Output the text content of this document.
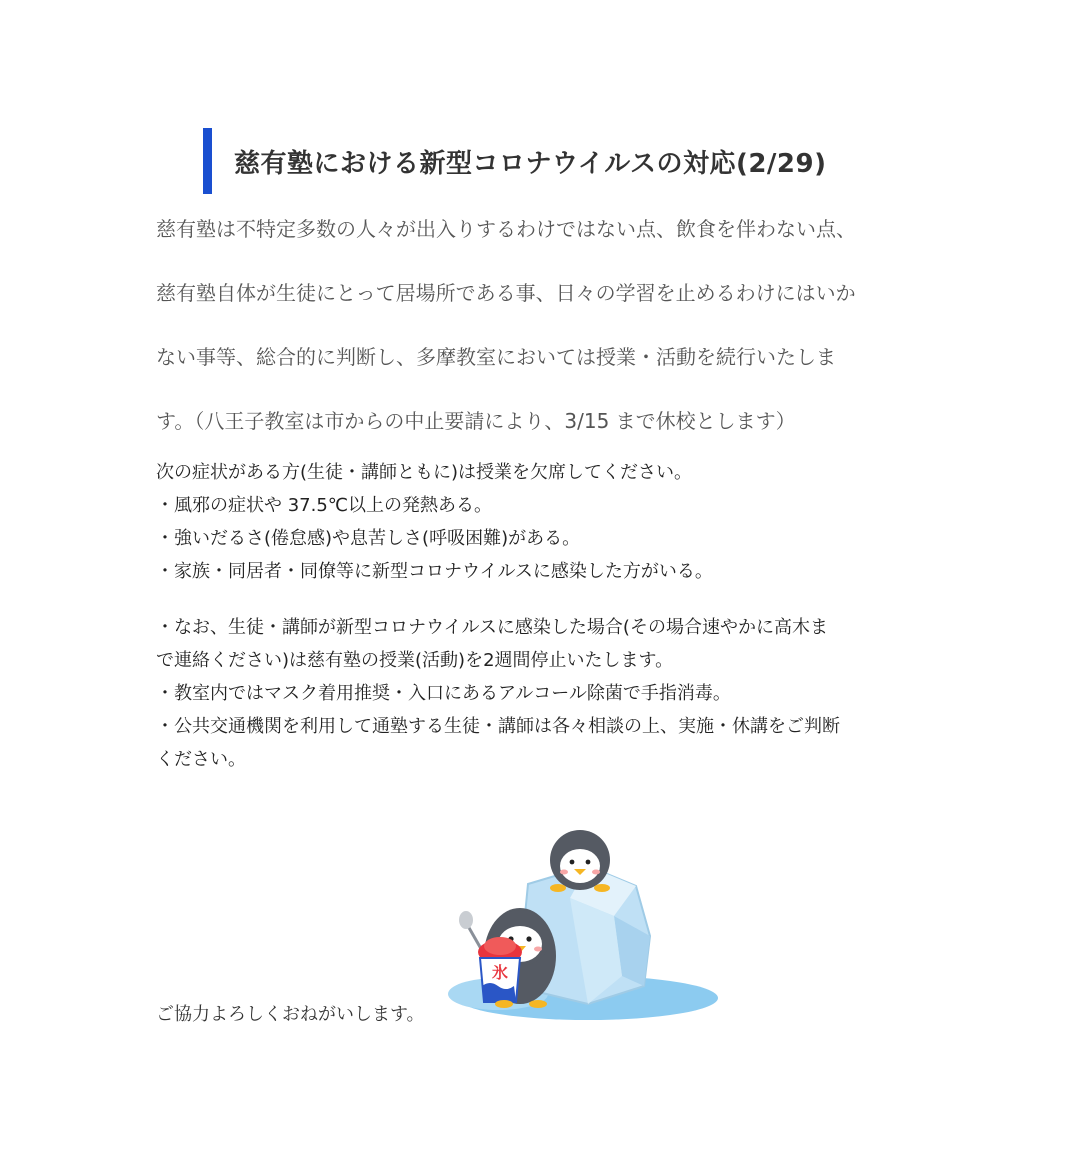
慈有塾における新型コロナウイルスの対応(2/29)
慈有塾は不特定多数の人々が出入りするわけではない点、飲食を伴わない点、
慈有塾自体が生徒にとって居場所である事、日々の学習を止めるわけにはいか
ない事等、総合的に判断し、多摩教室においては授業・活動を続行いたしま
す。（八王子教室は市からの中止要請により、3/15 まで休校とします）
次の症状がある方(生徒・講師ともに)は授業を欠席してください。
・風邪の症状や 37.5℃以上の発熱ある。
・強いだるさ(倦怠感)や息苦しさ(呼吸困難)がある。
・家族・同居者・同僚等に新型コロナウイルスに感染した方がいる。
・なお、生徒・講師が新型コロナウイルスに感染した場合(その場合速やかに高木ま
で連絡ください)は慈有塾の授業(活動)を2週間停止いたします。
・教室内ではマスク着用推奨・入口にあるアルコール除菌で手指消毒。
・公共交通機関を利用して通塾する生徒・講師は各々相談の上、実施・休講をご判断
ください。
ご協力よろしくおねがいします。
氷
